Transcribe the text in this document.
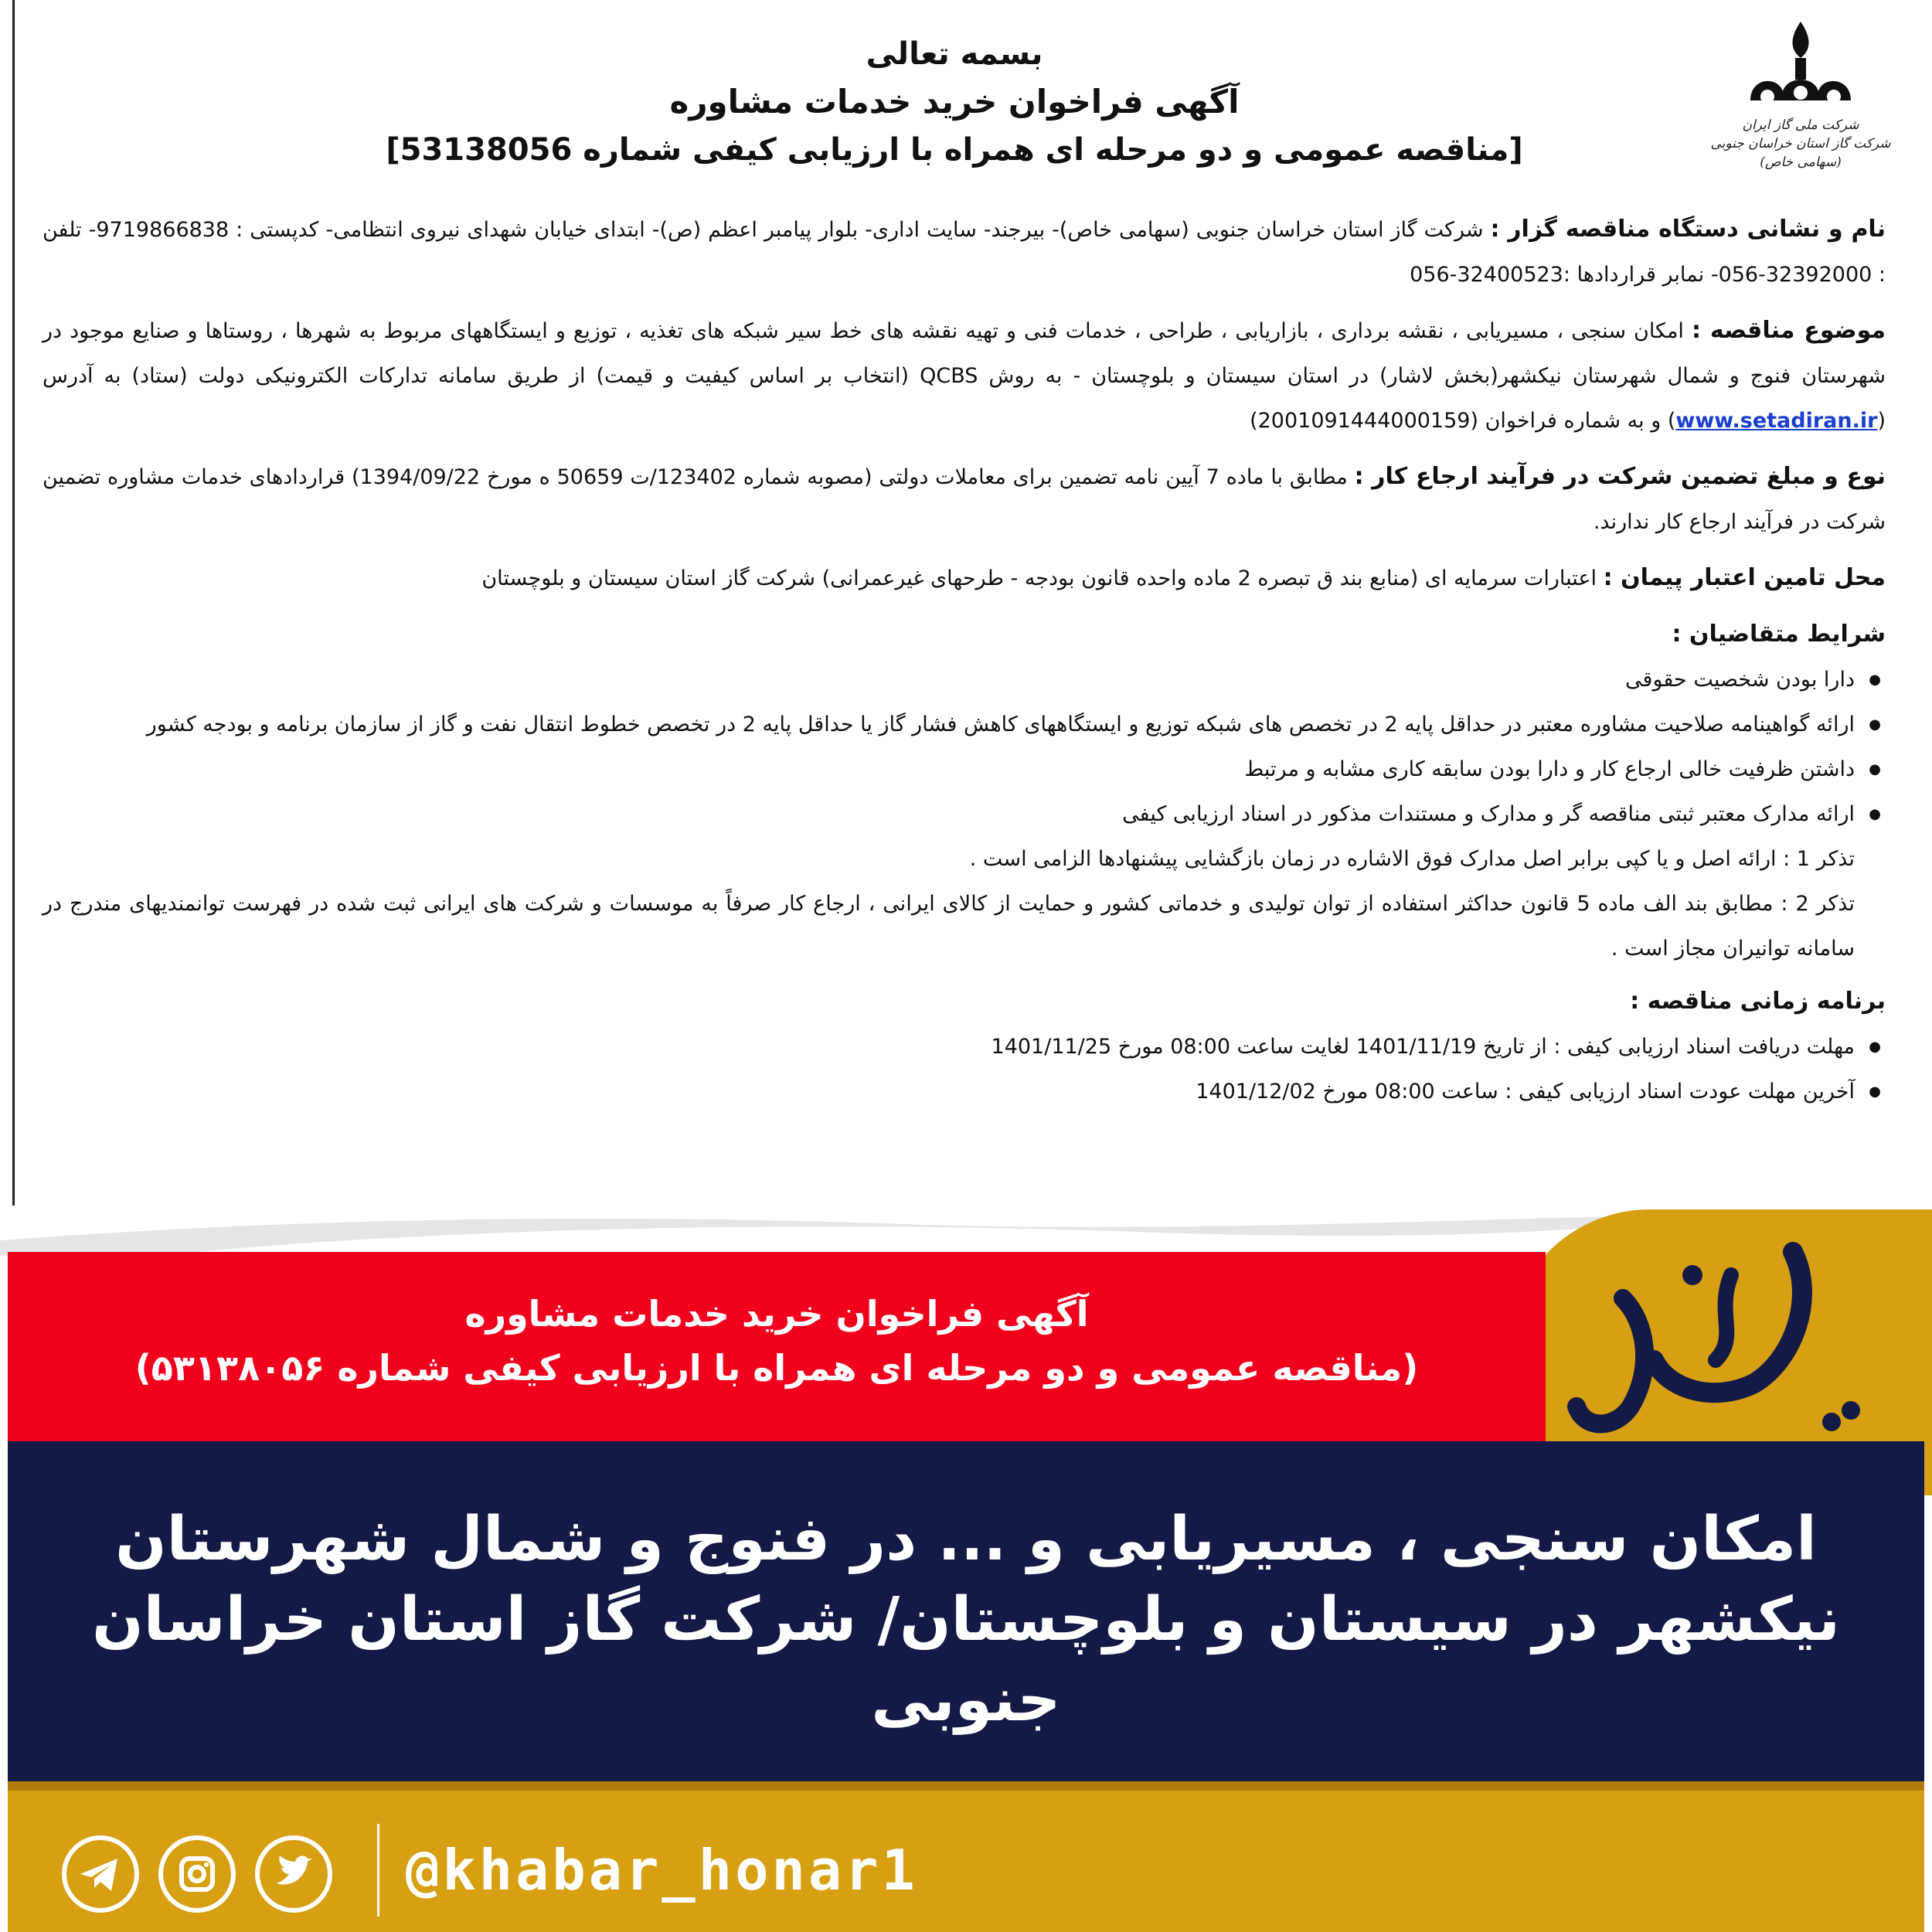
شرکت ملی گاز ایران
شرکت گاز استان خراسان جنوبی (سهامی خاص)
بسمه تعالی
آگهی فراخوان خرید خدمات مشاوره
[مناقصه عمومی و دو مرحله ای همراه با ارزیابی کیفی شماره 53138056]

نام و نشانی دستگاه مناقصه گزار : شرکت گاز استان خراسان جنوبی (سهامی خاص)- بیرجند- سایت اداری- بلوار پیامبر اعظم (ص)- ابتدای خیابان شهدای نیروی انتظامی- کدپستی : 9719866838- تلفن : 32392000-056- نمابر قراردادها :32400523-056

موضوع مناقصه : امکان سنجی ، مسیریابی ، نقشه برداری ، بازاریابی ، طراحی ، خدمات فنی و تهیه نقشه های خط سیر شبکه های تغذیه ، توزیع و ایستگاههای مربوط به شهرها ، روستاها و صنایع موجود در شهرستان فنوج و شمال شهرستان نیکشهر(بخش لاشار) در استان سیستان و بلوچستان - به روش QCBS (انتخاب بر اساس کیفیت و قیمت) از طریق سامانه تدارکات الکترونیکی دولت (ستاد) به آدرس (www.setadiran.ir) و به شماره فراخوان (2001091444000159)

نوع و مبلغ تضمین شرکت در فرآیند ارجاع کار : مطابق با ماده 7 آیین نامه تضمین برای معاملات دولتی (مصوبه شماره 123402/ت 50659 ه مورخ 1394/09/22) قراردادهای خدمات مشاوره تضمین شرکت در فرآیند ارجاع کار ندارند.

محل تامین اعتبار پیمان : اعتبارات سرمایه ای (منابع بند ق تبصره 2 ماده واحده قانون بودجه - طرحهای غیرعمرانی) شرکت گاز استان سیستان و بلوچستان

شرایط متقاضیان :
● دارا بودن شخصیت حقوقی
● ارائه گواهینامه صلاحیت مشاوره معتبر در حداقل پایه 2 در تخصص های شبکه توزیع و ایستگاههای کاهش فشار گاز یا حداقل پایه 2 در تخصص خطوط انتقال نفت و گاز از سازمان برنامه و بودجه کشور
● داشتن ظرفیت خالی ارجاع کار و دارا بودن سابقه کاری مشابه و مرتبط
● ارائه مدارک معتبر ثبتی مناقصه گر و مدارک و مستندات مذکور در اسناد ارزیابی کیفی
تذکر 1 : ارائه اصل و یا کپی برابر اصل مدارک فوق الاشاره در زمان بازگشایی پیشنهادها الزامی است .
تذکر 2 : مطابق بند الف ماده 5 قانون حداکثر استفاده از توان تولیدی و خدماتی کشور و حمایت از کالای ایرانی ، ارجاع کار صرفاً به موسسات و شرکت های ایرانی ثبت شده در فهرست توانمندیهای مندرج در سامانه توانیران مجاز است .
برنامه زمانی مناقصه :
● مهلت دریافت اسناد ارزیابی کیفی : از تاریخ 1401/11/19 لغایت ساعت 08:00 مورخ 1401/11/25
● آخرین مهلت عودت اسناد ارزیابی کیفی : ساعت 08:00 مورخ 1401/12/02
آگهی فراخوان خرید خدمات مشاوره
(مناقصه عمومی و دو مرحله ای همراه با ارزیابی کیفی شماره ۵۳۱۳۸۰۵۶)
امکان سنجی ، مسیریابی و ... در فنوج و شمال شهرستان نیکشهر در سیستان و بلوچستان/ شرکت گاز استان خراسان جنوبی
@khabar_honar1
